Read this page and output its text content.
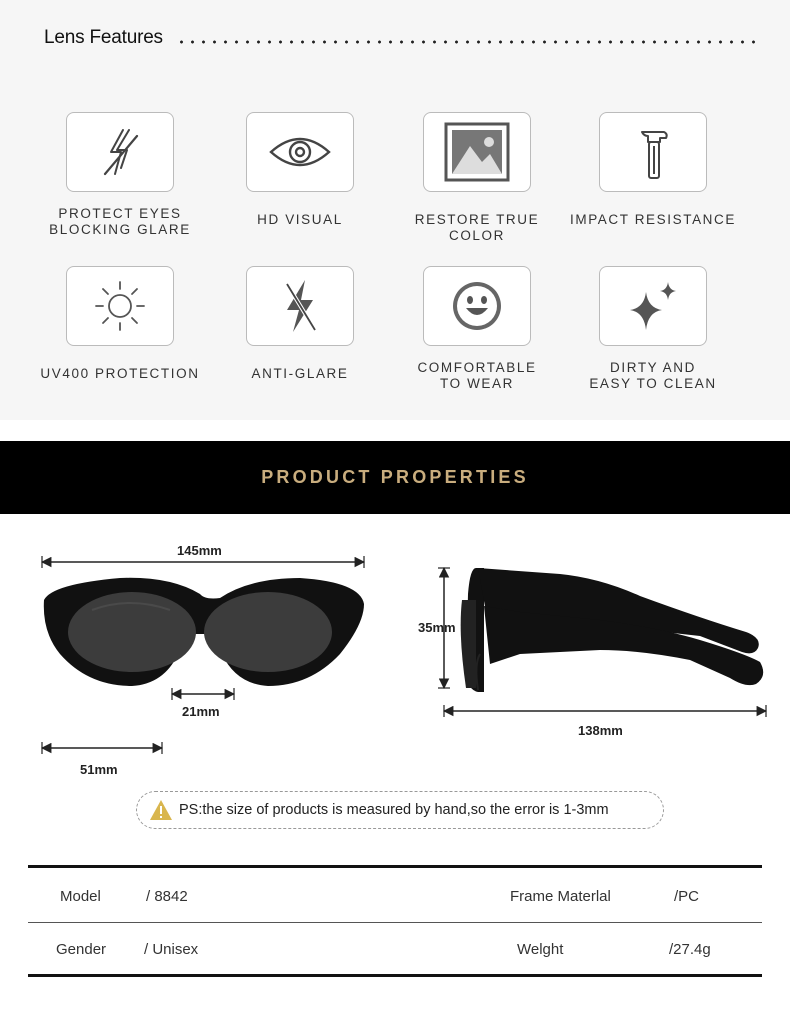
Lens Features
PROTECT EYES
BLOCKING GLARE
HD VISUAL	RESTORE TRUE COLOR
IMPACT RESISTANCE
UV400 PROTECTION	ANTI-GLARE	COMFORTABLE
TO WEAR
DIRTY AND
EASY TO CLEAN
PRODUCT PROPERTIES
145mm
21mm
51mm
35mm
138mm
PS:the size of products is measured by hand,so the error is 1-3mm
Model	/ 8842	Frame Materlal	/PC
Gender	/ Unisex	Welght	/27.4g
